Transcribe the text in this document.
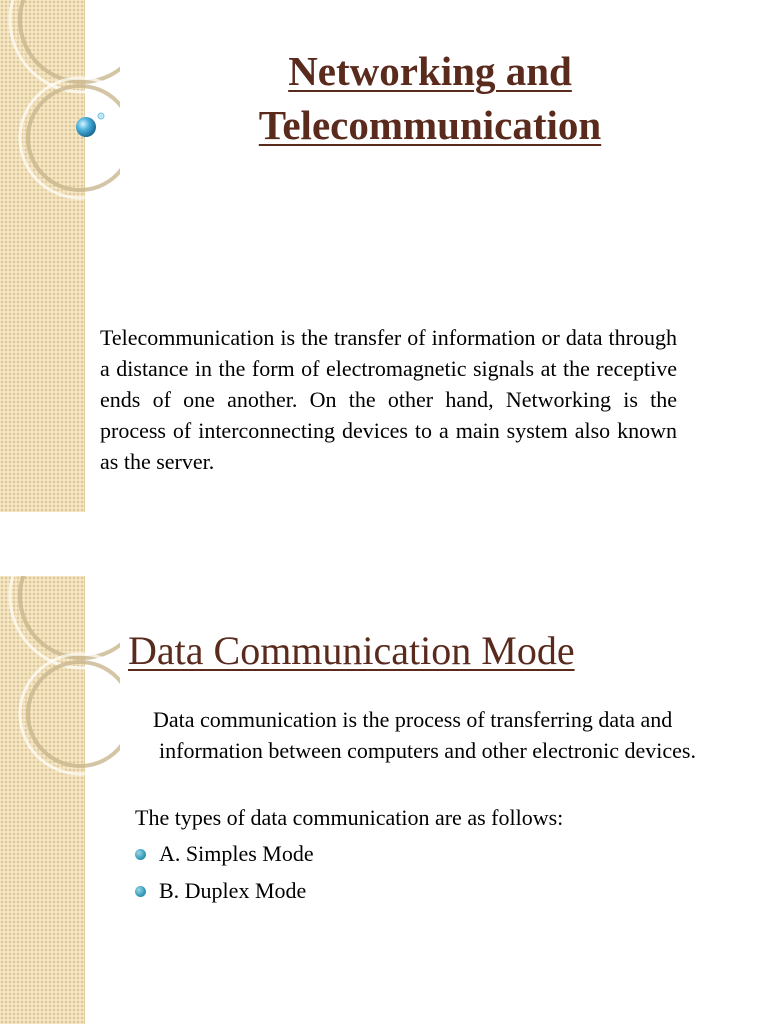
Networking and Telecommunication
Telecommunication is the transfer of information or data through a distance in the form of electromagnetic signals at the receptive ends of one another. On the other hand, Networking is the process of interconnecting devices to a main system also known as the server.
Data Communication Mode
Data communication is the process of transferring data and information between computers and other electronic devices.
The types of data communication are as follows:
A. Simples Mode
B. Duplex Mode
